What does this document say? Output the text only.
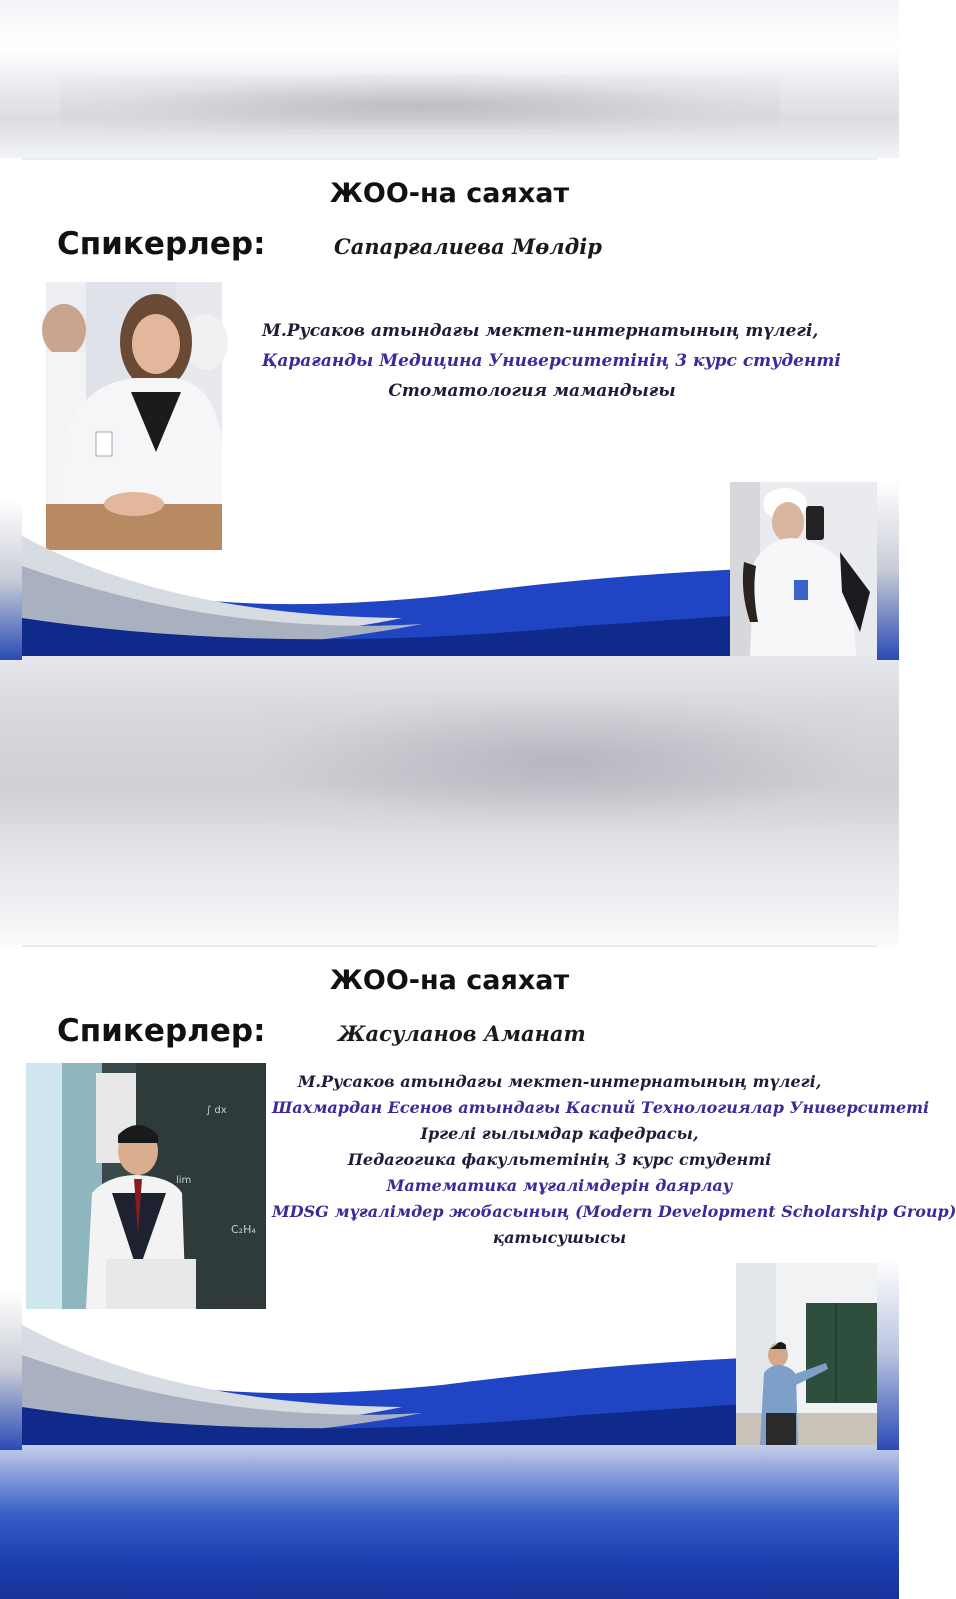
ЖОО-на саяхат
Спикерлер:	Сапарғалиева Мөлдір
М.Русаков атындағы мектеп-интернатының түлегі,
Қарағанды Медицина Университетінің 3 курс студенті
Стоматология мамандығы
ЖОО-на саяхат
Спикерлер:	Жасуланов Аманат
∫ dx
lim
C₂H₄
М.Русаков атындағы мектеп-интернатының түлегі,
Шахмардан Есенов атындағы Каспий Технологиялар Университеті
Іргелі ғылымдар кафедрасы,
Педагогика факультетінің 3 курс студенті
Математика мұғалімдерін даярлау
MDSG мұғалімдер жобасының (Modern Development Scholarship Group)
қатысушысы
